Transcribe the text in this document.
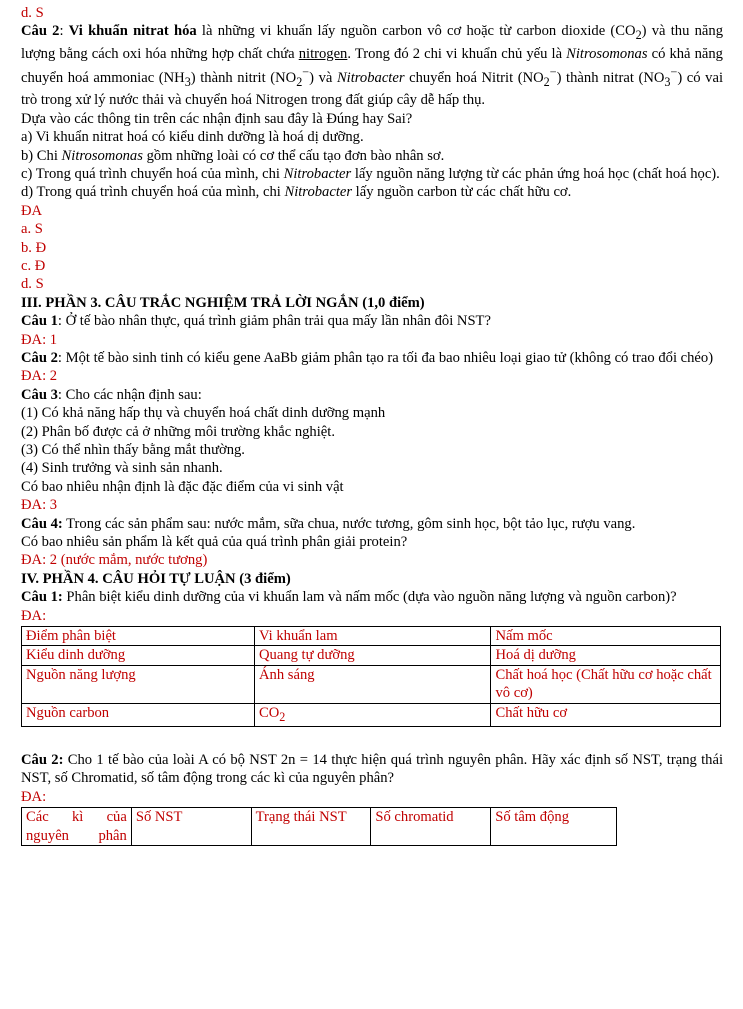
d. S

Câu 2: Vi khuẩn nitrat hóa là những vi khuẩn lấy nguồn carbon vô cơ hoặc từ carbon dioxide $(CO_2)$ và thu năng lượng bằng cách oxi hóa những hợp chất chứa nitrogen. Trong đó 2 chi vi khuẩn chủ yếu là Nitrosomonas có khả năng chuyển hoá ammoniac $(NH_3)$ thành nitrit $(NO_2^-)$ và Nitrobacter chuyển hoá Nitrit $(NO_2^-)$ thành nitrat $(NO_3^-)$ có vai trò trong xử lý nước thải và chuyển hoá Nitrogen trong đất giúp cây dễ hấp thụ.

Dựa vào các thông tin trên các nhận định sau đây là Đúng hay Sai?

a) Vi khuẩn nitrat hoá có kiểu dinh dưỡng là hoá dị dưỡng.

b) Chi Nitrosomonas gồm những loài có cơ thể cấu tạo đơn bào nhân sơ.

c) Trong quá trình chuyển hoá của mình, chi Nitrobacter lấy nguồn năng lượng từ các phản ứng hoá học (chất hoá học).

d) Trong quá trình chuyển hoá của mình, chi Nitrobacter lấy nguồn carbon từ các chất hữu cơ.

ĐA

a. S

b. Đ

c. Đ

d. S

III. PHẦN 3. CÂU TRẮC NGHIỆM TRẢ LỜI NGẮN (1,0 điểm)

Câu 1: Ở tế bào nhân thực, quá trình giảm phân trải qua mấy lần nhân đôi NST?

ĐA: 1

Câu 2: Một tế bào sinh tinh có kiểu gene AaBb giảm phân tạo ra tối đa bao nhiêu loại giao tử (không có trao đổi chéo)

ĐA: 2

Câu 3: Cho các nhận định sau:

(1) Có khả năng hấp thụ và chuyển hoá chất dinh dưỡng mạnh

(2) Phân bố được cả ở những môi trường khắc nghiệt.

(3) Có thể nhìn thấy bằng mắt thường.

(4) Sinh trưởng và sinh sản nhanh.

Có bao nhiêu nhận định là đặc đặc điểm của vi sinh vật

ĐA: 3

Câu 4: Trong các sản phẩm sau: nước mắm, sữa chua, nước tương, gôm sinh học, bột tảo lục, rượu vang.

Có bao nhiêu sản phẩm là kết quả của quá trình phân giải protein?

ĐA: 2 (nước mắm, nước tương)

IV. PHẦN 4. CÂU HỎI TỰ LUẬN (3 điểm)

Câu 1: Phân biệt kiểu dinh dưỡng của vi khuẩn lam và nấm mốc (dựa vào nguồn năng lượng và nguồn carbon)?

ĐA:

Điểm phân biệt	Vi khuẩn lam	Nấm mốc
Kiểu dinh dưỡng	Quang tự dưỡng	Hoá dị dưỡng
Nguồn năng lượng	Ánh sáng	Chất hoá học (Chất hữu cơ hoặc chất vô cơ)
Nguồn carbon	$CO_2$	Chất hữu cơ

Câu 2: Cho 1 tế bào của loài A có bộ NST 2n = 14 thực hiện quá trình nguyên phân. Hãy xác định số NST, trạng thái NST, số Chromatid, số tâm động trong các kì của nguyên phân?

ĐA:

Các kì của nguyên phân	Số NST	Trạng thái NST	Số chromatid	Số tâm động
